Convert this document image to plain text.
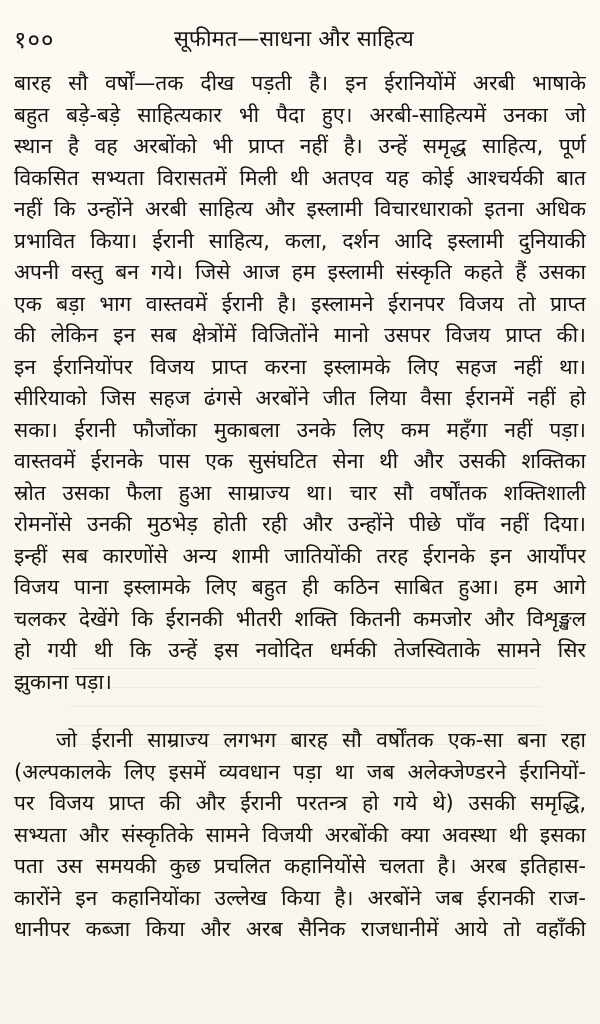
१००	सूफीमत—साधना और साहित्य
बारह सौ वर्षों—तक दीख पड़ती है। इन ईरानियोंमें अरबी भाषाके
बहुत बड़े-बड़े साहित्यकार भी पैदा हुए। अरबी-साहित्यमें उनका जो
स्थान है वह अरबोंको भी प्राप्त नहीं है। उन्हें समृद्ध साहित्य, पूर्ण
विकसित सभ्यता विरासतमें मिली थी अतएव यह कोई आश्चर्यकी बात
नहीं कि उन्होंने अरबी साहित्य और इस्लामी विचारधाराको इतना अधिक
प्रभावित किया। ईरानी साहित्य, कला, दर्शन आदि इस्लामी दुनियाकी
अपनी वस्तु बन गये। जिसे आज हम इस्लामी संस्कृति कहते हैं उसका
एक बड़ा भाग वास्तवमें ईरानी है। इस्लामने ईरानपर विजय तो प्राप्त
की लेकिन इन सब क्षेत्रोंमें विजितोंने मानो उसपर विजय प्राप्त की।
इन ईरानियोंपर विजय प्राप्त करना इस्लामके लिए सहज नहीं था।
सीरियाको जिस सहज ढंगसे अरबोंने जीत लिया वैसा ईरानमें नहीं हो
सका। ईरानी फौजोंका मुकाबला उनके लिए कम महँगा नहीं पड़ा।
वास्तवमें ईरानके पास एक सुसंघटित सेना थी और उसकी शक्तिका
स्रोत उसका फैला हुआ साम्राज्य था। चार सौ वर्षोंतक शक्तिशाली
रोमनोंसे उनकी मुठभेड़ होती रही और उन्होंने पीछे पाँव नहीं दिया।
इन्हीं सब कारणोंसे अन्य शामी जातियोंकी तरह ईरानके इन आर्योंपर
विजय पाना इस्लामके लिए बहुत ही कठिन साबित हुआ। हम आगे
चलकर देखेंगे कि ईरानकी भीतरी शक्ति कितनी कमजोर और विशृङ्खल
हो गयी थी कि उन्हें इस नवोदित धर्मकी तेजस्विताके सामने सिर
झुकाना पड़ा।
जो ईरानी साम्राज्य लगभग बारह सौ वर्षोंतक एक-सा बना रहा
(अल्पकालके लिए इसमें व्यवधान पड़ा था जब अलेक्जेण्डरने ईरानियों-
पर विजय प्राप्त की और ईरानी परतन्त्र हो गये थे) उसकी समृद्धि,
सभ्यता और संस्कृतिके सामने विजयी अरबोंकी क्या अवस्था थी इसका
पता उस समयकी कुछ प्रचलित कहानियोंसे चलता है। अरब इतिहास-
कारोंने इन कहानियोंका उल्लेख किया है। अरबोंने जब ईरानकी राज-
धानीपर कब्जा किया और अरब सैनिक राजधानीमें आये तो वहाँकी
